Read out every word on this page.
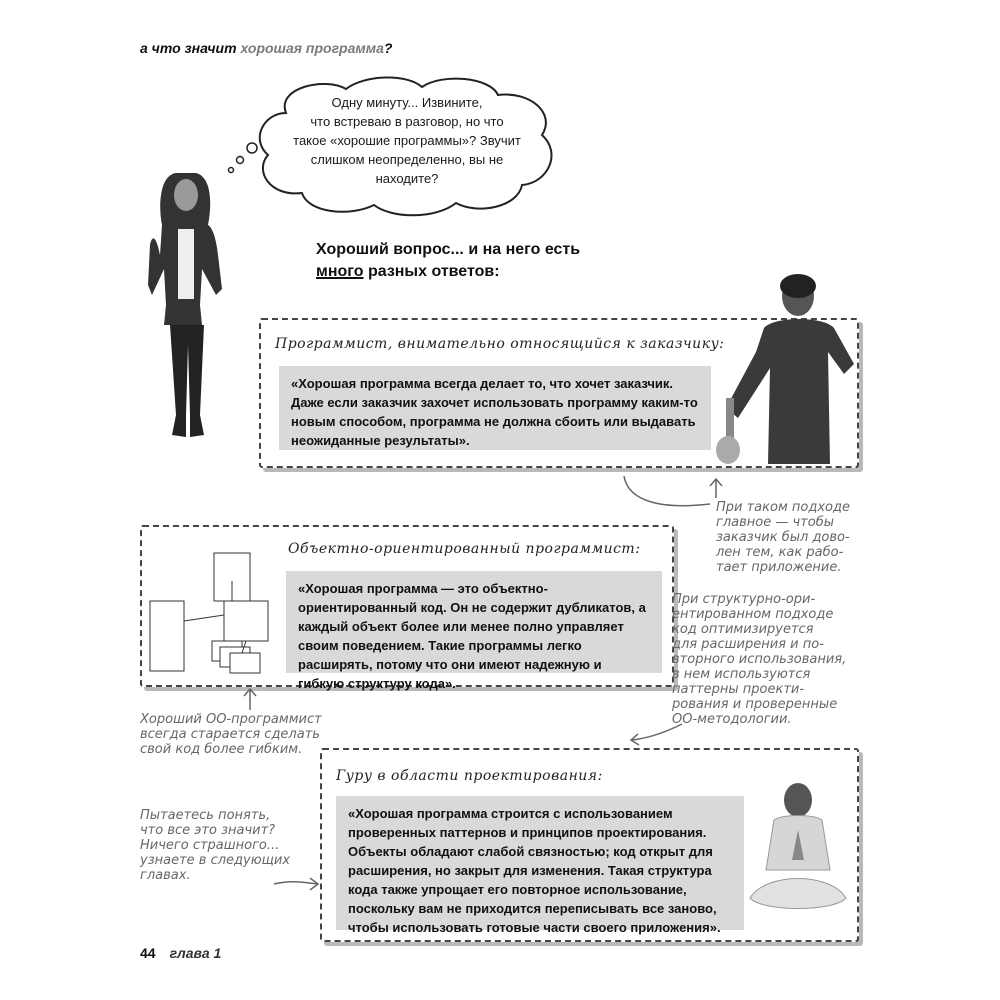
а что значит хорошая программа?
Одну минуту... Извините,
что встреваю в разговор, но что
такое «хорошие программы»? Звучит
слишком неопределенно, вы не
находите?
Хороший вопрос... и на него есть
много разных ответов:
Программист, внимательно относящийся к заказчику:
«Хорошая программа всегда делает то, что хочет заказчик. Даже если заказчик захочет использовать программу каким-то новым способом, программа не должна сбоить или выдавать неожиданные результаты».
При таком подходе
главное — чтобы
заказчик был дово-
лен тем, как рабо-
тает приложение.
Объектно-ориентированный программист:
«Хорошая программа — это объектно-ориентированный код. Он не содержит дубликатов, а каждый объект более или менее полно управляет своим поведением. Такие программы легко расширять, потому что они имеют надежную и гибкую структуру кода».
При структурно-ори-
ентированном подходе
код оптимизируется
для расширения и по-
вторного использования,
в нем используются
паттерны проекти-
рования и проверенные
ОО-методологии.
Хороший ОО-программист
всегда старается сделать
свой код более гибким.
Гуру в области проектирования:
«Хорошая программа строится с использованием проверенных паттернов и принципов проектирования. Объекты обладают слабой связностью; код открыт для расширения, но закрыт для изменения. Такая структура кода также упрощает его повторное использование, поскольку вам не приходится переписывать все заново, чтобы использовать готовые части своего приложения».
Пытаетесь понять,
что все это значит?
Ничего страшного...
узнаете в следующих
главах.
44 глава 1
